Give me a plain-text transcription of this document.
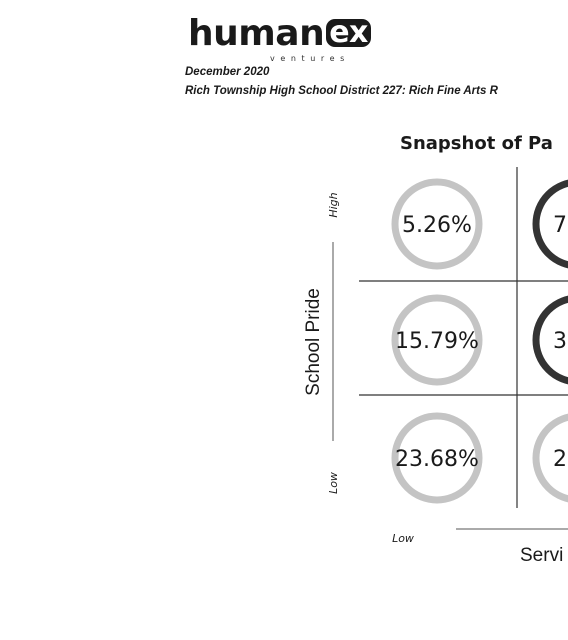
human ex
ventures
December 2020
Rich Township High School District 227: Rich Fine Arts R
Snapshot of Pa
High
Low
School Pride
Low
Servi
5.26%	7
15.79%	3
23.68%	2
